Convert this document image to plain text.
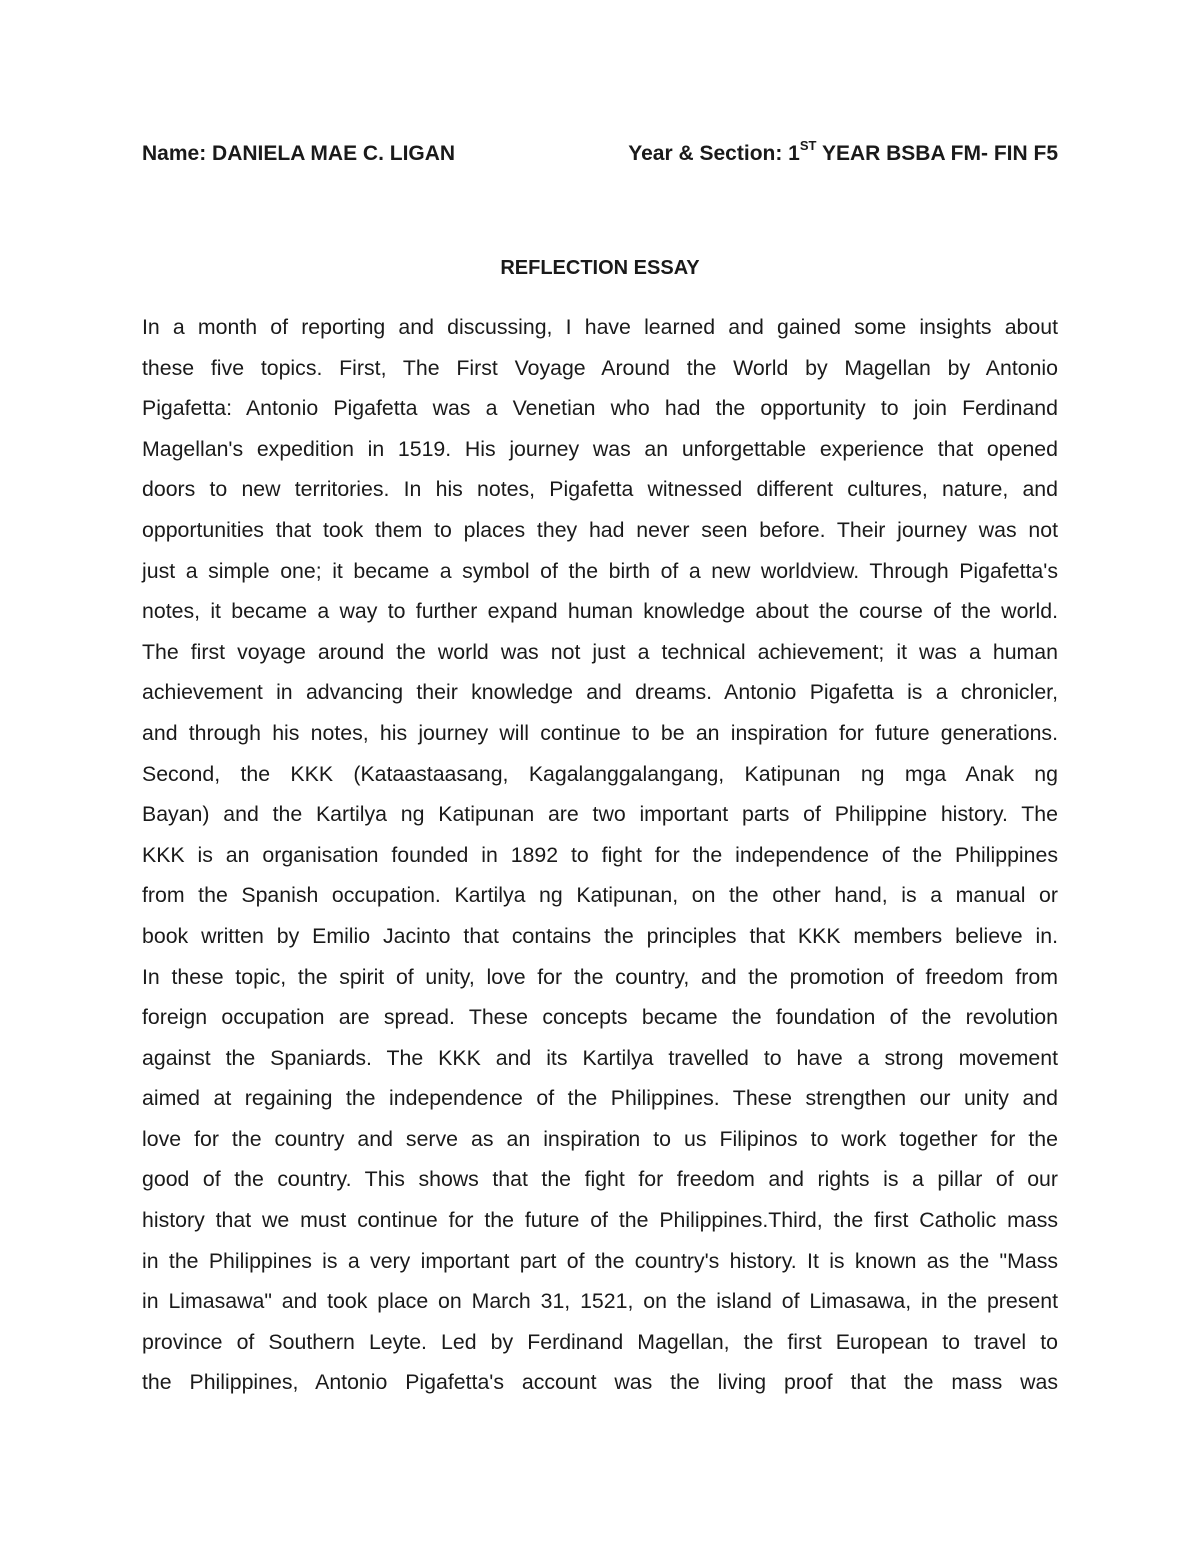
Name: DANIELA MAE C. LIGAN	Year & Section: 1ST YEAR BSBA FM- FIN F5
REFLECTION ESSAY
In a month of reporting and discussing, I have learned and gained some insights about
these five topics. First, The First Voyage Around the World by Magellan by Antonio
Pigafetta: Antonio Pigafetta was a Venetian who had the opportunity to join Ferdinand
Magellan's expedition in 1519. His journey was an unforgettable experience that opened
doors to new territories. In his notes, Pigafetta witnessed different cultures, nature, and
opportunities that took them to places they had never seen before. Their journey was not
just a simple one; it became a symbol of the birth of a new worldview. Through Pigafetta's
notes, it became a way to further expand human knowledge about the course of the world.
The first voyage around the world was not just a technical achievement; it was a human
achievement in advancing their knowledge and dreams. Antonio Pigafetta is a chronicler,
and through his notes, his journey will continue to be an inspiration for future generations.
Second, the KKK (Kataastaasang, Kagalanggalangang, Katipunan ng mga Anak ng
Bayan) and the Kartilya ng Katipunan are two important parts of Philippine history. The
KKK is an organisation founded in 1892 to fight for the independence of the Philippines
from the Spanish occupation. Kartilya ng Katipunan, on the other hand, is a manual or
book written by Emilio Jacinto that contains the principles that KKK members believe in.
In these topic, the spirit of unity, love for the country, and the promotion of freedom from
foreign occupation are spread. These concepts became the foundation of the revolution
against the Spaniards. The KKK and its Kartilya travelled to have a strong movement
aimed at regaining the independence of the Philippines. These strengthen our unity and
love for the country and serve as an inspiration to us Filipinos to work together for the
good of the country. This shows that the fight for freedom and rights is a pillar of our
history that we must continue for the future of the Philippines.Third, the first Catholic mass
in the Philippines is a very important part of the country's history. It is known as the "Mass
in Limasawa" and took place on March 31, 1521, on the island of Limasawa, in the present
province of Southern Leyte. Led by Ferdinand Magellan, the first European to travel to
the Philippines, Antonio Pigafetta's account was the living proof that the mass was
